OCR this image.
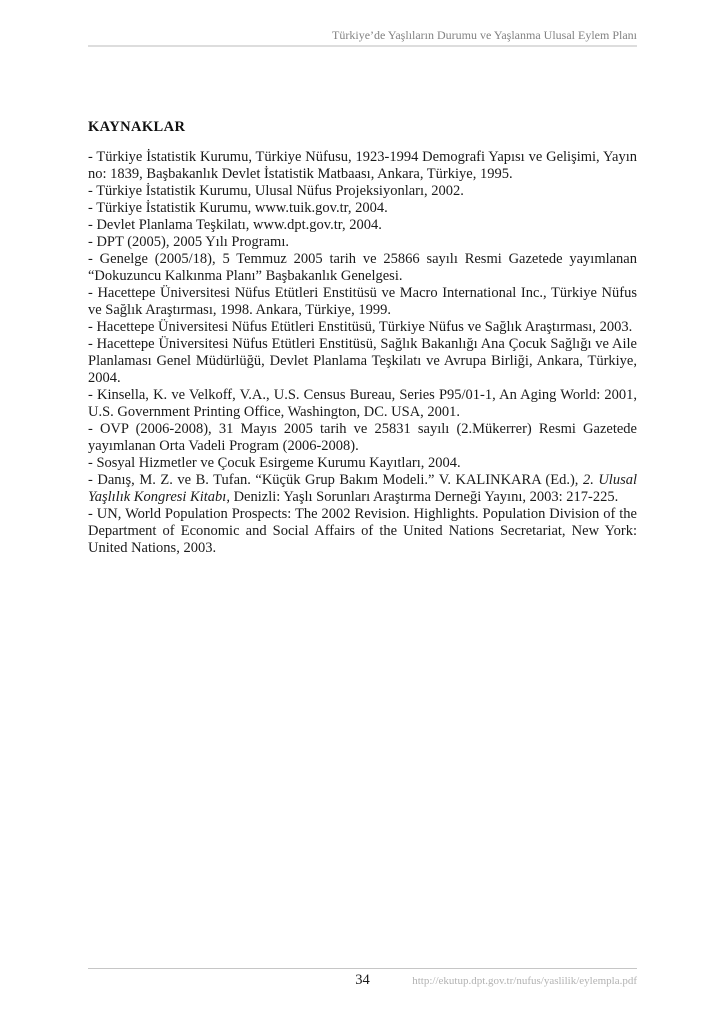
Türkiye’de Yaşlıların Durumu ve Yaşlanma Ulusal Eylem Planı
KAYNAKLAR

- Türkiye İstatistik Kurumu, Türkiye Nüfusu, 1923-1994 Demografi Yapısı ve Gelişimi, Yayın no: 1839, Başbakanlık Devlet İstatistik Matbaası, Ankara, Türkiye, 1995.

- Türkiye İstatistik Kurumu, Ulusal Nüfus Projeksiyonları, 2002.

- Türkiye İstatistik Kurumu, www.tuik.gov.tr, 2004.

- Devlet Planlama Teşkilatı, www.dpt.gov.tr, 2004.

- DPT (2005), 2005 Yılı Programı.

- Genelge (2005/18), 5 Temmuz 2005 tarih ve 25866 sayılı Resmi Gazetede yayımlanan “Dokuzuncu Kalkınma Planı” Başbakanlık Genelgesi.

- Hacettepe Üniversitesi Nüfus Etütleri Enstitüsü ve Macro International Inc., Türkiye Nüfus ve Sağlık Araştırması, 1998. Ankara, Türkiye, 1999.

- Hacettepe Üniversitesi Nüfus Etütleri Enstitüsü, Türkiye Nüfus ve Sağlık Araştırması, 2003.

- Hacettepe Üniversitesi Nüfus Etütleri Enstitüsü, Sağlık Bakanlığı Ana Çocuk Sağlığı ve Aile Planlaması Genel Müdürlüğü, Devlet Planlama Teşkilatı ve Avrupa Birliği, Ankara, Türkiye, 2004.

- Kinsella, K. ve Velkoff, V.A., U.S. Census Bureau, Series P95/01-1, An Aging World: 2001, U.S. Government Printing Office, Washington, DC. USA, 2001.

- OVP (2006-2008), 31 Mayıs 2005 tarih ve 25831 sayılı (2.Mükerrer) Resmi Gazetede yayımlanan Orta Vadeli Program (2006-2008).

- Sosyal Hizmetler ve Çocuk Esirgeme Kurumu Kayıtları, 2004.

- Danış, M. Z. ve B. Tufan. “Küçük Grup Bakım Modeli.” V. KALINKARA (Ed.), 2. Ulusal Yaşlılık Kongresi Kitabı, Denizli: Yaşlı Sorunları Araştırma Derneği Yayını, 2003: 217-225.

- UN, World Population Prospects: The 2002 Revision. Highlights. Population Division of the Department of Economic and Social Affairs of the United Nations Secretariat, New York: United Nations, 2003.

34	http://ekutup.dpt.gov.tr/nufus/yaslilik/eylempla.pdf
